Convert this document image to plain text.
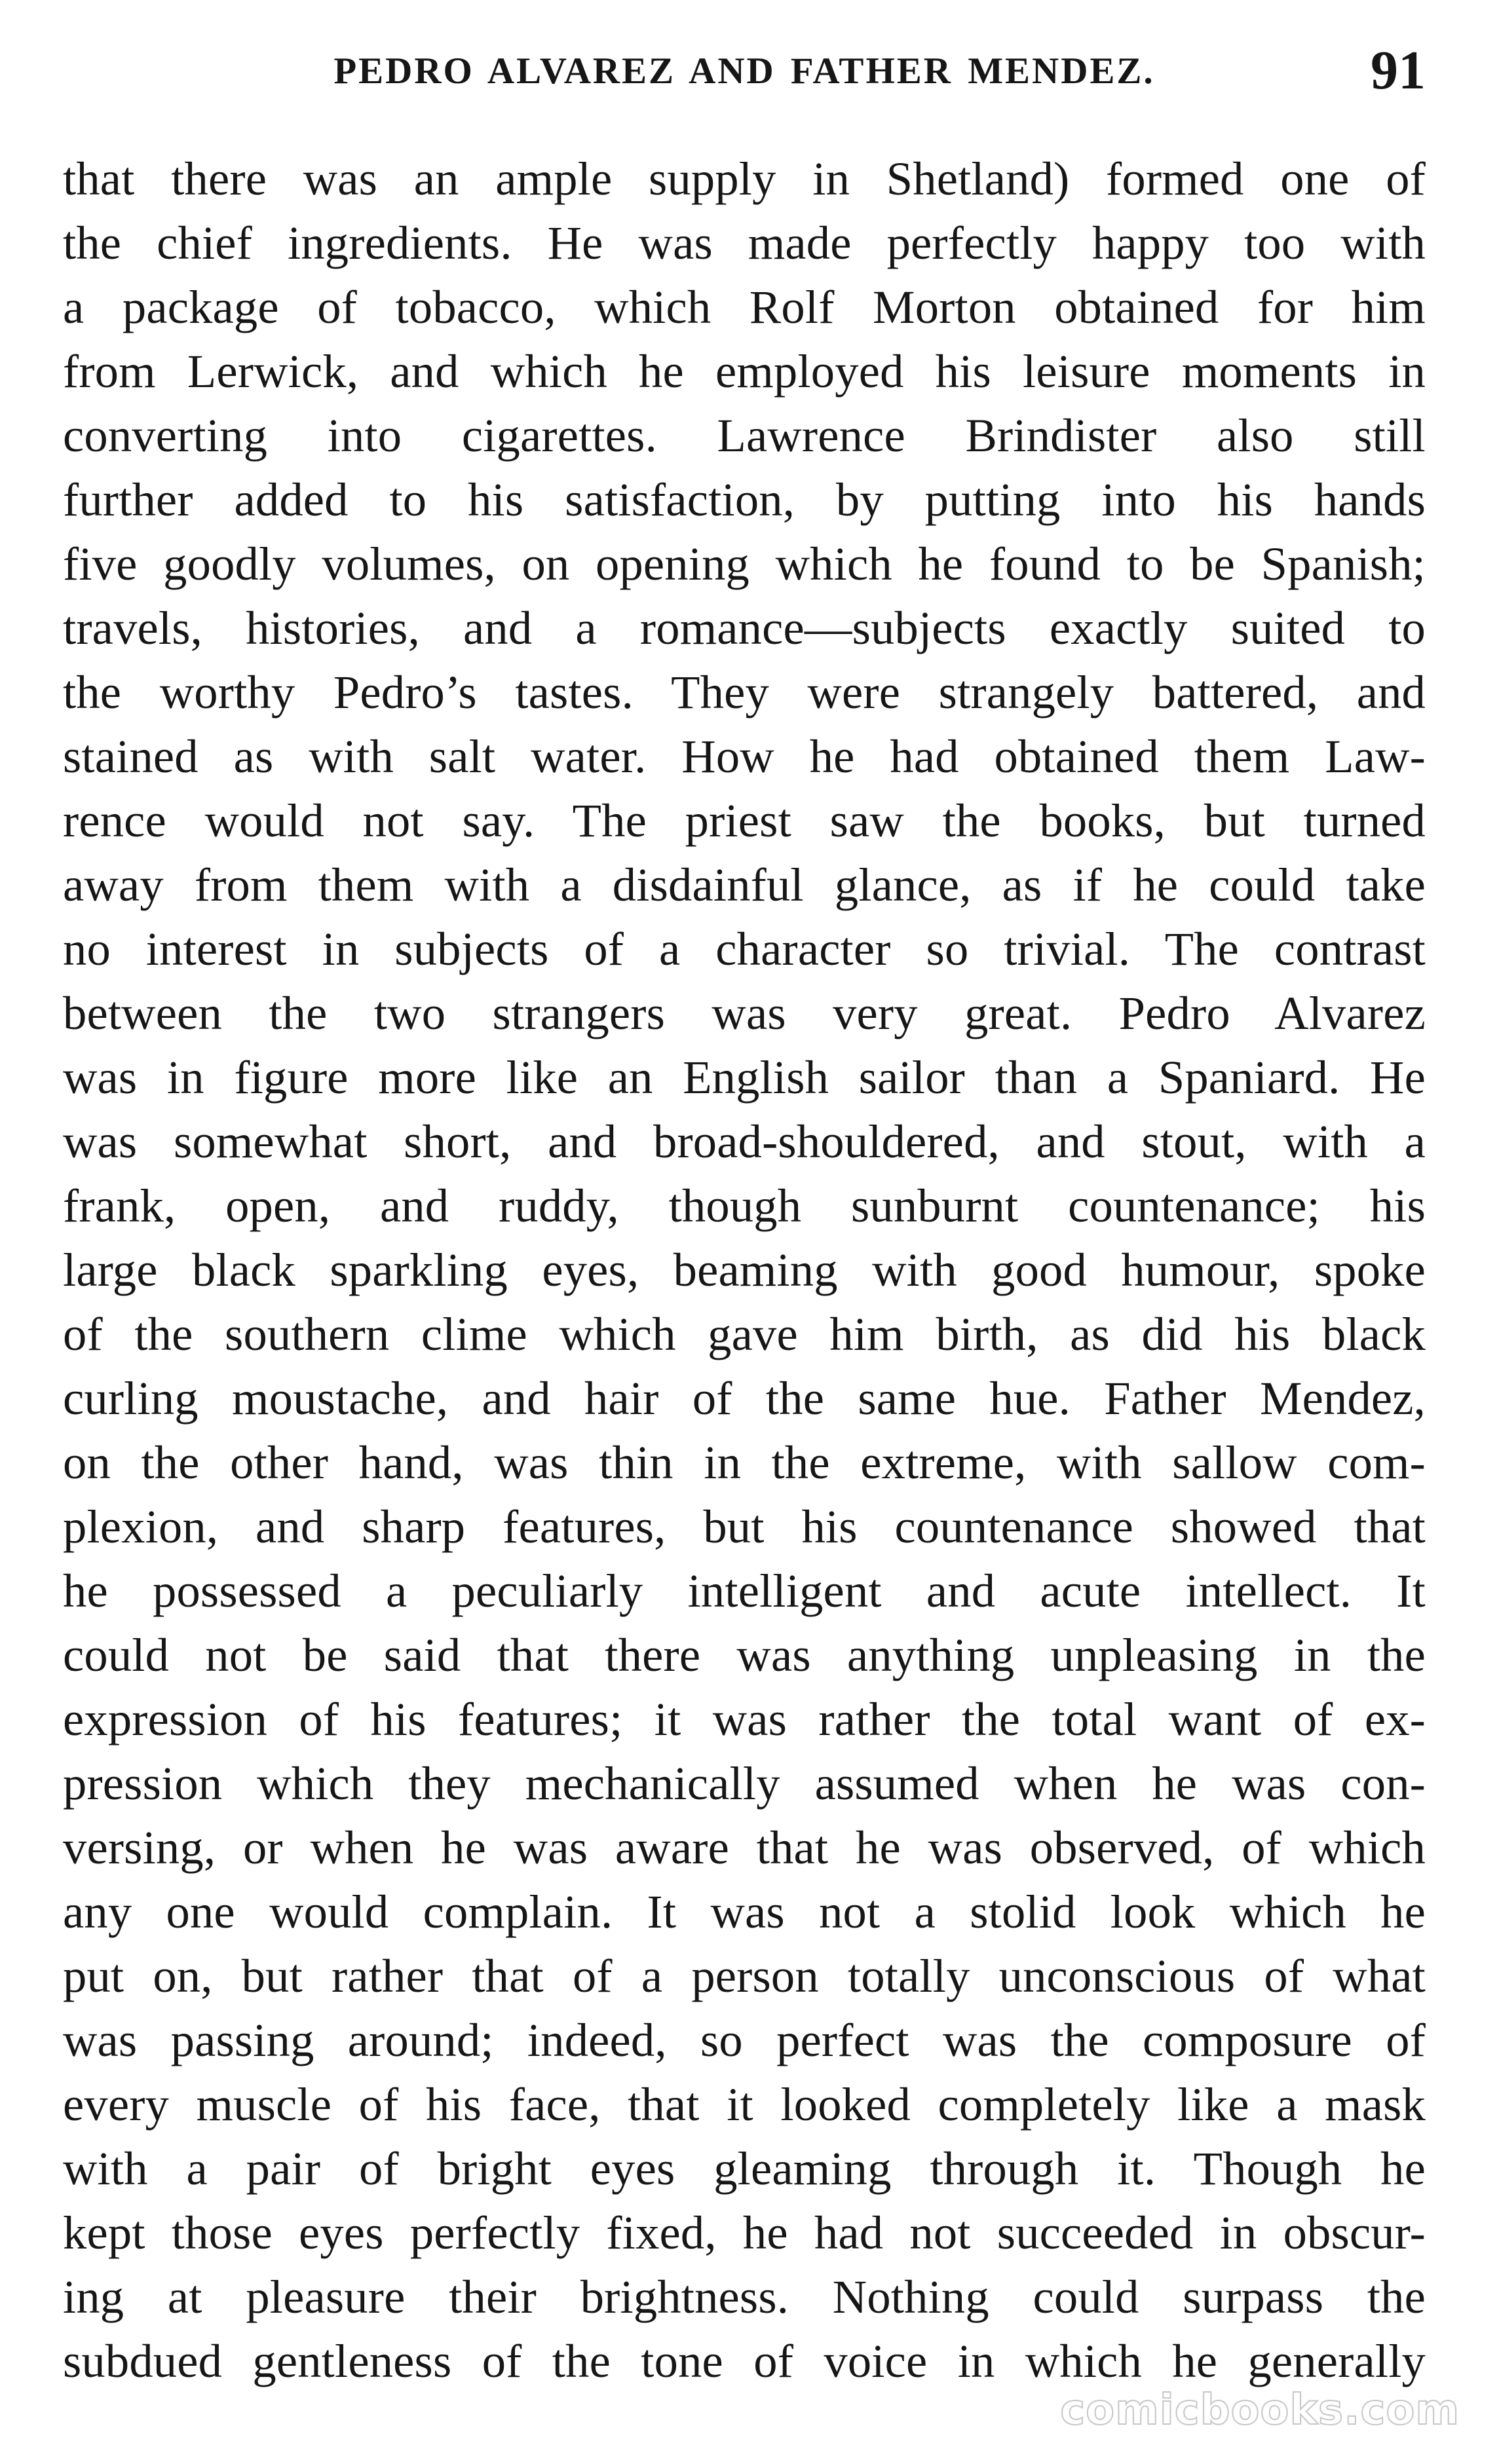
PEDRO ALVAREZ AND FATHER MENDEZ.	91
that there was an ample supply in Shetland) formed one of
the chief ingredients. He was made perfectly happy too with
a package of tobacco, which Rolf Morton obtained for him
from Lerwick, and which he employed his leisure moments in
converting into cigarettes. Lawrence Brindister also still
further added to his satisfaction, by putting into his hands
five goodly volumes, on opening which he found to be Spanish;
travels, histories, and a romance—subjects exactly suited to
the worthy Pedro’s tastes. They were strangely battered, and
stained as with salt water. How he had obtained them Law-
rence would not say. The priest saw the books, but turned
away from them with a disdainful glance, as if he could take
no interest in subjects of a character so trivial. The contrast
between the two strangers was very great. Pedro Alvarez
was in figure more like an English sailor than a Spaniard. He
was somewhat short, and broad-shouldered, and stout, with a
frank, open, and ruddy, though sunburnt countenance; his
large black sparkling eyes, beaming with good humour, spoke
of the southern clime which gave him birth, as did his black
curling moustache, and hair of the same hue. Father Mendez,
on the other hand, was thin in the extreme, with sallow com-
plexion, and sharp features, but his countenance showed that
he possessed a peculiarly intelligent and acute intellect. It
could not be said that there was anything unpleasing in the
expression of his features; it was rather the total want of ex-
pression which they mechanically assumed when he was con-
versing, or when he was aware that he was observed, of which
any one would complain. It was not a stolid look which he
put on, but rather that of a person totally unconscious of what
was passing around; indeed, so perfect was the composure of
every muscle of his face, that it looked completely like a mask
with a pair of bright eyes gleaming through it. Though he
kept those eyes perfectly fixed, he had not succeeded in obscur-
ing at pleasure their brightness. Nothing could surpass the
subdued gentleness of the tone of voice in which he generally
comicbooks.com
